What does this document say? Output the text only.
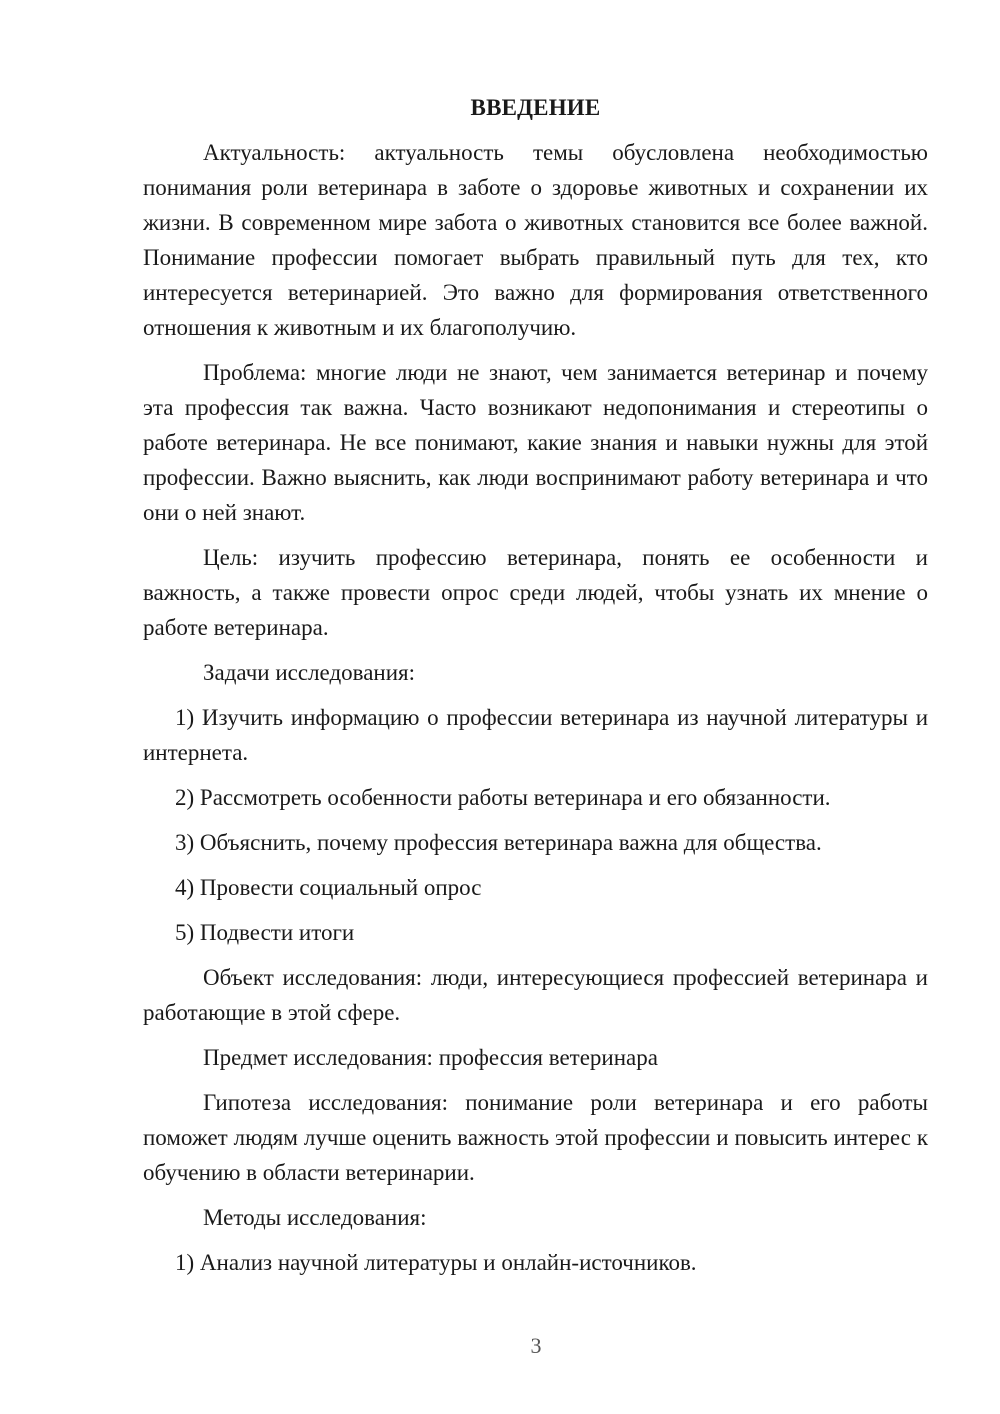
ВВЕДЕНИЕ

Актуальность: актуальность темы обусловлена необходимостью понимания роли ветеринара в заботе о здоровье животных и сохранении их жизни. В современном мире забота о животных становится все более важной. Понимание профессии помогает выбрать правильный путь для тех, кто интересуется ветеринарией. Это важно для формирования ответственного отношения к животным и их благополучию.

Проблема: многие люди не знают, чем занимается ветеринар и почему эта профессия так важна. Часто возникают недопонимания и стереотипы о работе ветеринара. Не все понимают, какие знания и навыки нужны для этой профессии. Важно выяснить, как люди воспринимают работу ветеринара и что они о ней знают.

Цель: изучить профессию ветеринара, понять ее особенности и важность, а также провести опрос среди людей, чтобы узнать их мнение о работе ветеринара.

Задачи исследования:

1) Изучить информацию о профессии ветеринара из научной литературы и интернета.

2) Рассмотреть особенности работы ветеринара и его обязанности.

3) Объяснить, почему профессия ветеринара важна для общества.

4) Провести социальный опрос

5) Подвести итоги

Объект исследования: люди, интересующиеся профессией ветеринара и работающие в этой сфере.

Предмет исследования: профессия ветеринара

Гипотеза исследования: понимание роли ветеринара и его работы поможет людям лучше оценить важность этой профессии и повысить интерес к обучению в области ветеринарии.

Методы исследования:

1) Анализ научной литературы и онлайн-источников.

3
